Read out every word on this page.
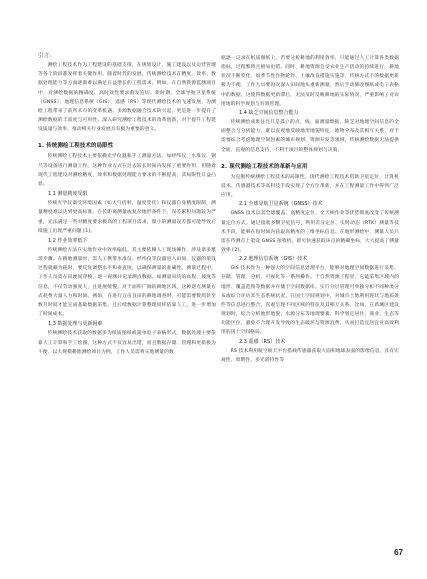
引言:

测绘工程技术作为工程建设的基础支撑，在规划设计、施工建设以及运营管理等各个阶段都发挥着关键作用。随着时代的发展，传统测绘技术在精度、效率、数据处理能力等方面逐渐难以满足日益增长的工程需求。例如，在自然资源监测项目中，对测绘数据的精确度、高时效性要求愈发迫切。新时期，全球导航卫星系统（GNSS）、地理信息系统（GIS）、遥感（RS）等现代测绘技术的飞速发展，为测绘工程带来了前所未有的变革机遇。多源数据融合技术的兴起，更是进一步提升了测绘数据的丰富度与可用性。深入研究测绘工程技术的改革创新，对于提升工程建设质量与效率、推动相关行业发展具有极为重要的意义。

1. 传统测绘工程技术的局限性

传统测绘工程技术主要依赖光学仪器和手工测量方法，如经纬仪、水准仪、钢尺等设备进行测量工作。这种作业方式在过去较长时间内发挥了重要作用，但随着现代工程建设对测绘精度、效率和数据处理能力要求的不断提高，其局限性日益凸显。

1.1 测量精度受限

传统光学仪器受环境因素（如大气折射、温度变化）和仪器自身精度限制，测量精度难以达到更高标准。在长距离测量或复杂地形条件下，误差累积问题较为严重，无法满足一些对精度要求极高的工程项目需求，微小的测量误差都可能导致后续施工出现严重问题 [1]。

1.2 作业效率低下

传统测绘方法在实地作业中效率偏低。其主要依赖人工现场操作，涉及诸多繁琐步骤。在耕地测量时，需人工携带水准仪、经纬仪等仪器进入田间，仪器的架设过程就颇为耗时，要反复调整水平和垂直度，以确保测量的准确性。测量过程中，工作人员需在田埂间穿梭，逐一观测并记录测点数据。如测量田块的高程、坡度等信息，不仅劳动强度大，且进展缓慢。对于面积广阔的耕地区域，这种逐点测量方式耗费大量人力和时间。例如，在进行万亩良田的耕地调查时，可能需要数周甚至数月时间才能完成基础数据采集，且后续数据计算整理同样依靠人工，进一步增加了时间成本。

1.3 数据处理与更新困难

传统测绘技术获取的数据多为纸质图纸或简单电子表格形式，数据处理主要依靠人工计算和手工绘图。这种方式不仅容易出错，而且数据存储、管理和更新极为不便。以大规模耕地测绘项目为例，工作人员需将实地测量的数

据逐一记录在纸质图纸上，若要分析耕地的利用效率，只能通过人工计算各类数据指标，过程繁琐且极易出错。同时，耕地资源会受农业生产活动的持续进行，耕地状况不断变化，如季节性作物轮作、土壤改良措施实施等，传统方式下的数据更新极为不便，工作人员要再次深入田间地头重新测量，然后手动修改图纸或电子表格中的数据，这使得数据更新滞后，无法及时反映耕地的实际情况，严重影响了对农用地的科学规划与有效管理。

1.4 缺乏空间信息整合能力

传统测绘成果往往只是孤立的点、线、面测量数据，缺乏对地理空间信息的全面整合与分析能力。难以直观地反映地形地貌特征、地物分布及其相互关系，对于需要综合考虑地理空间因素的城市规划、资源开发等领域，传统测绘数据无法提供全面、直观的信息支持，不利于项目的整体规划与决策。

2. 现代测绘工程技术的革新与应用

为克服传统测绘工程技术的局限性，现代测绘工程技术借助卫星定位、计算机技术、传感器技术等高科技手段实现了全方位革新，并在工程测量工作中得到广泛应用。

2.1 全球导航卫星系统（GNSS）技术

GNSS 技术以其全球覆盖、高精度定位、全天候作业等优势彻底改变了传统测量定位方式。通过接收多颗卫星信号，利用差分定位、实时动态（RTK）测量等技术手段，能够在短时间内获取高精度的三维坐标信息。在地形测绘中，测量人员只需在待测点上架设 GNSS 接收机，即可快速获取该点的精确坐标，大大提高了测量效率 [2]。

2.2 地理信息系统（GIS）技术

GIS 技术作为一种强大的空间信息处理平台，能够对地理空间数据进行采集、存储、管理、分析、可视化等一系列操作。于自然资源工程里，它能采集区域内的地形、覆盖范围等数据并存储于空间数据库。实行分层管理可单独分析不同种类分布或综合评估其生态系统状况。在国土空间规划中，对城市土地利用现状与地质条件等信息进行整合，直观呈现不同区域的特征及其相互关系。比如，在新城区建设规划时，综合分析地形地貌、水源分布等地理要素，科学划定居住、商业、生态等功能区位，避免不合理开发导致的生态破坏与资源浪费，从而打造宜居宜业高效利用的国土空间格局。

2.3 遥感（RS）技术

RS 技术利用航空航天平台搭载传感器获取大面积地球表面的影像信息，具有宏观性、周期性、多光谱特性等

67
